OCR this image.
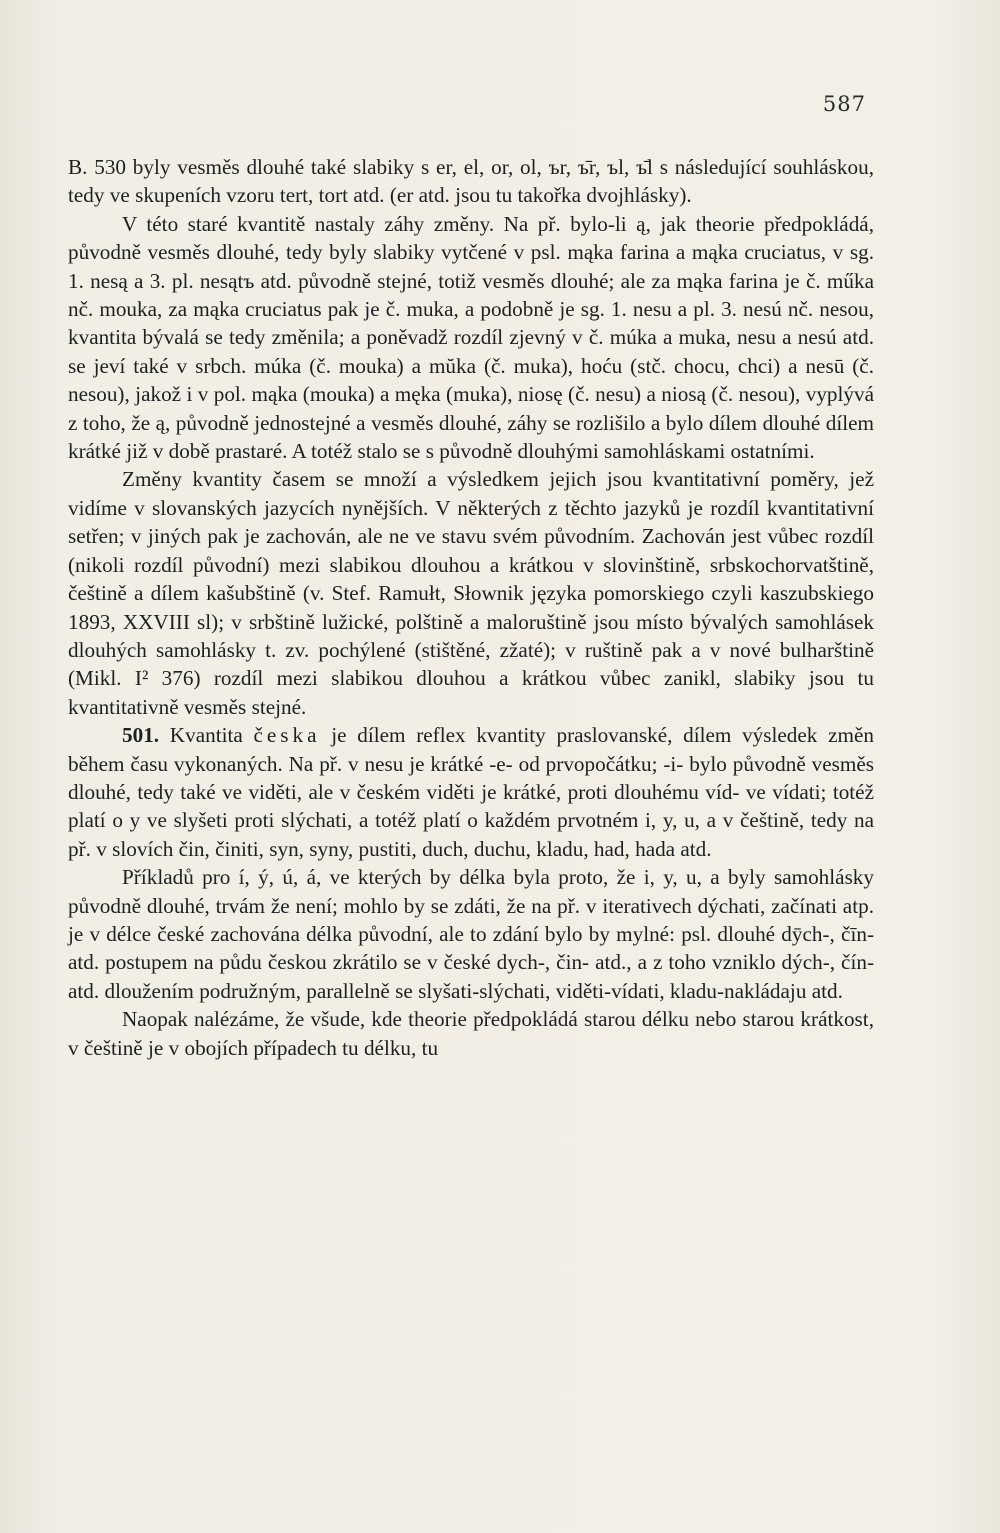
587

B. 530 byly vesměs dlouhé také slabiky s er, el, or, ol, ъr, ъ̄r, ъl, ъ̄l s následující souhláskou, tedy ve skupeních vzoru tert, tort atd. (er atd. jsou tu takořka dvojhlásky).

V této staré kvantitě nastaly záhy změny. Na př. bylo-li ą, jak theorie předpokládá, původně vesměs dlouhé, tedy byly slabiky vytčené v psl. mąka farina a mąka cruciatus, v sg. 1. nesą a 3. pl. nesątъ atd. původně stejné, totiž vesměs dlouhé; ale za mąka farina je č. műka nč. mouka, za mąka cruciatus pak je č. muka, a podobně je sg. 1. nesu a pl. 3. nesú nč. nesou, kvantita bývalá se tedy změnila; a poněvadž rozdíl zjevný v č. múka a muka, nesu a nesú atd. se jeví také v srbch. múka (č. mouka) a mŭka (č. muka), hoću (stč. chocu, chci) a nesū (č. nesou), jakož i v pol. mąka (mouka) a męka (muka), niosę (č. nesu) a niosą (č. nesou), vyplývá z toho, že ą, původně jednostejné a vesměs dlouhé, záhy se rozlišilo a bylo dílem dlouhé dílem krátké již v době prastaré. A totéž stalo se s původně dlouhými samohláskami ostatními.

Změny kvantity časem se množí a výsledkem jejich jsou kvantitativní poměry, jež vidíme v slovanských jazycích nynějších. V některých z těchto jazyků je rozdíl kvantitativní setřen; v jiných pak je zachován, ale ne ve stavu svém původním. Zachován jest vůbec rozdíl (nikoli rozdíl původní) mezi slabikou dlouhou a krátkou v slovinštině, srbskochorvatštině, češtině a dílem kašubštině (v. Stef. Ramułt, Słownik języka pomorskiego czyli kaszubskiego 1893, XXVIII sl); v srbštině lužické, polštině a maloruštině jsou místo bývalých samohlásek dlouhých samohlásky t. zv. pochýlené (stištěné, zžaté); v ruštině pak a v nové bulharštině (Mikl. I² 376) rozdíl mezi slabikou dlouhou a krátkou vůbec zanikl, slabiky jsou tu kvantitativně vesměs stejné.

501. Kvantita česka je dílem reflex kvantity praslovanské, dílem výsledek změn během času vykonaných. Na př. v nesu je krátké -e- od prvopočátku; -i- bylo původně vesměs dlouhé, tedy také ve viděti, ale v českém viděti je krátké, proti dlouhému víd- ve vídati; totéž platí o y ve slyšeti proti slýchati, a totéž platí o každém prvotném i, y, u, a v češtině, tedy na př. v slovích čin, činiti, syn, syny, pustiti, duch, duchu, kladu, had, hada atd.

Příkladů pro í, ý, ú, á, ve kterých by délka byla proto, že i, y, u, a byly samohlásky původně dlouhé, trvám že není; mohlo by se zdáti, že na př. v iterativech dýchati, začínati atp. je v délce české zachována délka původní, ale to zdání bylo by mylné: psl. dlouhé dȳch-, čīn- atd. postupem na půdu českou zkrátilo se v české dych-, čin- atd., a z toho vzniklo dých-, čín- atd. dloužením podružným, parallelně se slyšati-slýchati, viděti-vídati, kladu-nakládaju atd.

Naopak nalézáme, že všude, kde theorie předpokládá starou délku nebo starou krátkost, v češtině je v obojích případech tu délku, tu
